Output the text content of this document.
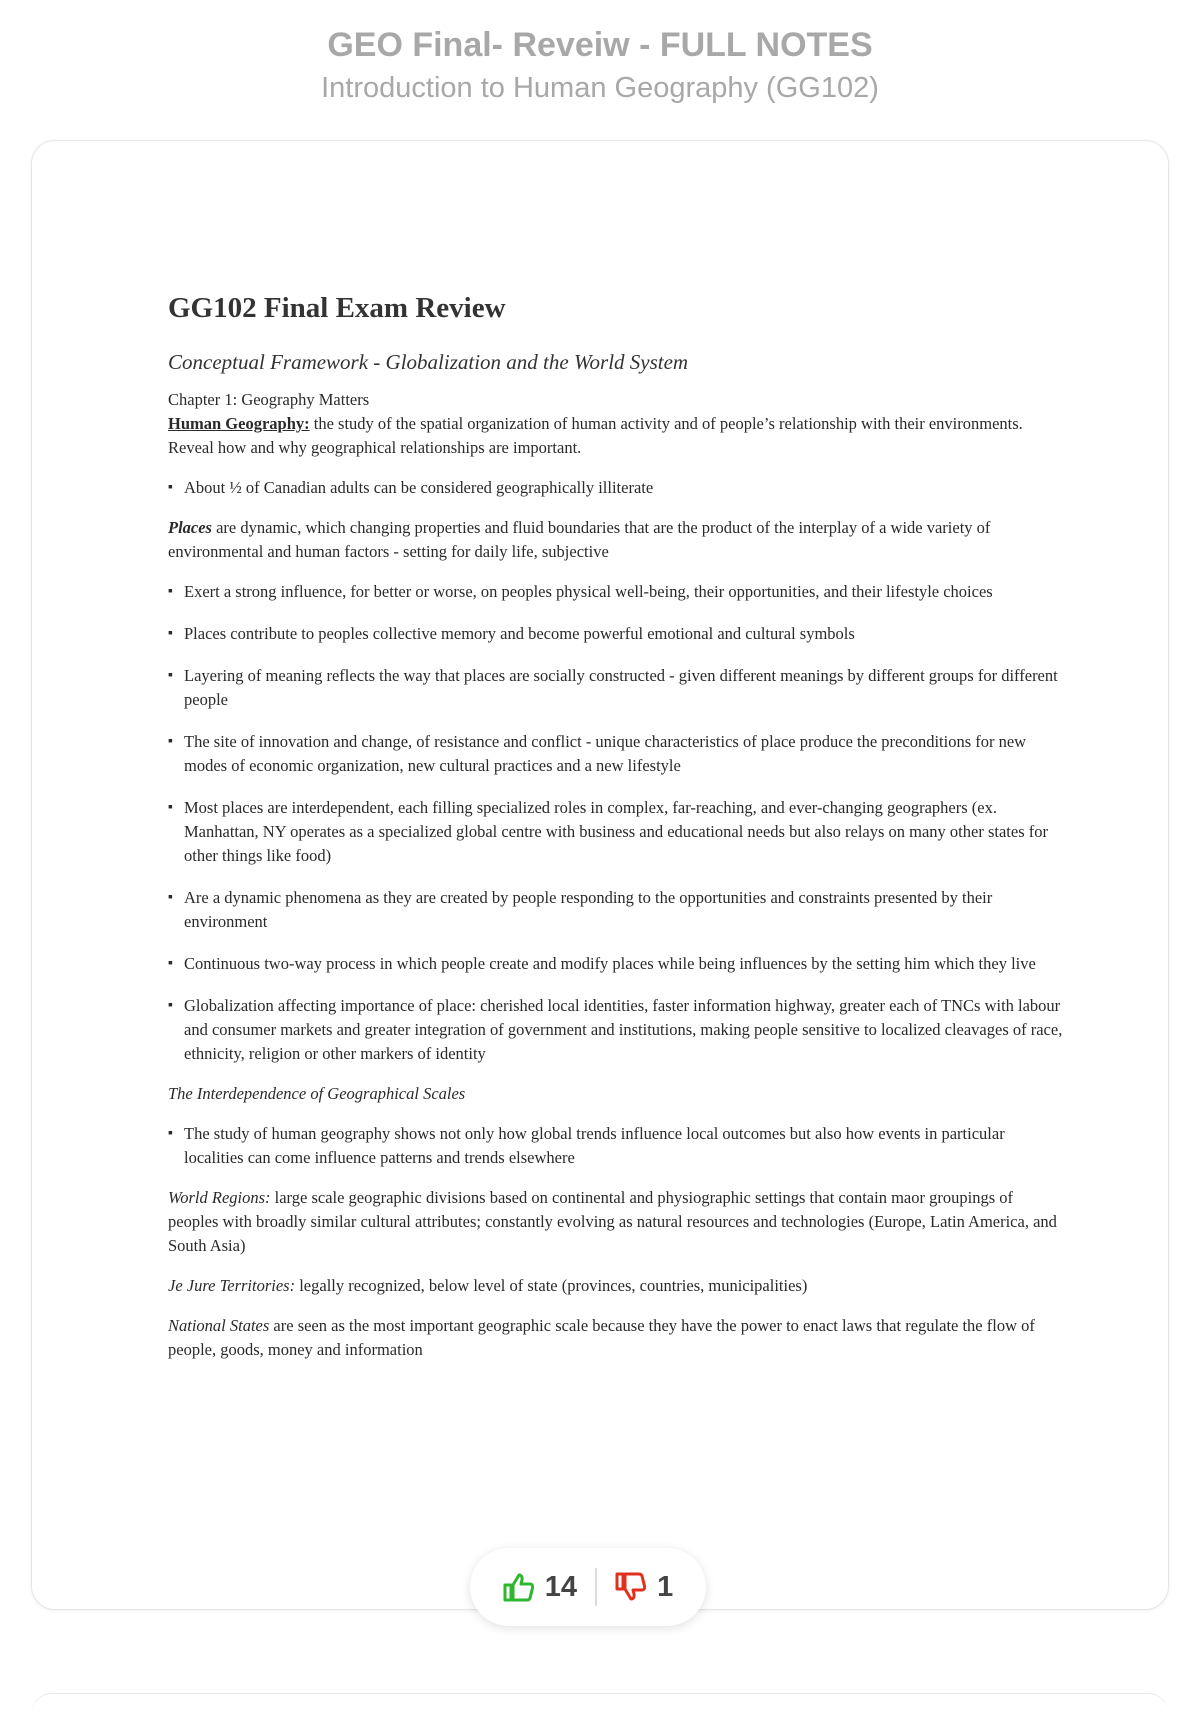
GEO Final- Reveiw - FULL NOTES
Introduction to Human Geography (GG102)
GG102 Final Exam Review
Conceptual Framework - Globalization and the World System
Chapter 1: Geography Matters
Human Geography: the study of the spatial organization of human activity and of people’s relationship with their environments. Reveal how and why geographical relationships are important.
▪ About ½ of Canadian adults can be considered geographically illiterate
Places are dynamic, which changing properties and fluid boundaries that are the product of the interplay of a wide variety of environmental and human factors - setting for daily life, subjective
▪ Exert a strong influence, for better or worse, on peoples physical well-being, their opportunities, and their lifestyle choices
▪ Places contribute to peoples collective memory and become powerful emotional and cultural symbols
▪ Layering of meaning reflects the way that places are socially constructed - given different meanings by different groups for different people
▪ The site of innovation and change, of resistance and conflict - unique characteristics of place produce the preconditions for new modes of economic organization, new cultural practices and a new lifestyle
▪ Most places are interdependent, each filling specialized roles in complex, far-reaching, and ever-changing geographers (ex. Manhattan, NY operates as a specialized global centre with business and educational needs but also relays on many other states for other things like food)
▪ Are a dynamic phenomena as they are created by people responding to the opportunities and constraints presented by their environment
▪ Continuous two-way process in which people create and modify places while being influences by the setting him which they live
▪ Globalization affecting importance of place: cherished local identities, faster information highway, greater each of TNCs with labour and consumer markets and greater integration of government and institutions, making people sensitive to localized cleavages of race, ethnicity, religion or other markers of identity
The Interdependence of Geographical Scales
▪ The study of human geography shows not only how global trends influence local outcomes but also how events in particular localities can come influence patterns and trends elsewhere
World Regions: large scale geographic divisions based on continental and physiographic settings that contain maor groupings of peoples with broadly similar cultural attributes; constantly evolving as natural resources and technologies (Europe, Latin America, and South Asia)
Je Jure Territories: legally recognized, below level of state (provinces, countries, municipalities)
National States are seen as the most important geographic scale because they have the power to enact laws that regulate the flow of people, goods, money and information
14	1
